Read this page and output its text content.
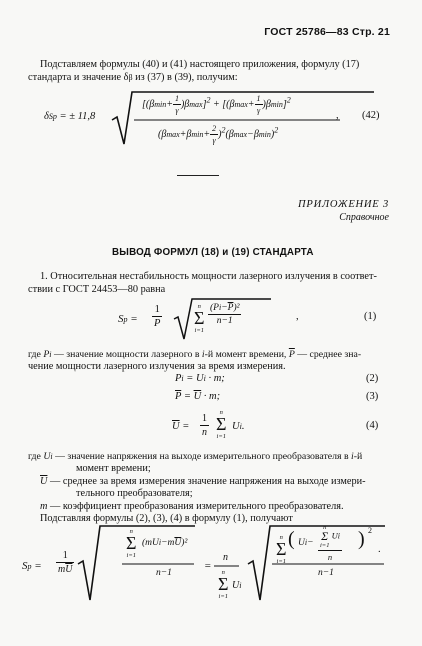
ГОСТ 25786—83 Стр. 21
Подставляем формулы (40) и (41) настоящего приложения, формулу (17)
стандарта и значение δβ из (37) в (39), получим:
δSp = ± 11,8
$[(\beta\min+ \frac{1}{\gamma} )\beta\max]^2 + [(\beta\max+ \frac{1}{\gamma} )\beta\min]^2$
$(\beta\max+\beta\min+ \frac{2}{\gamma} )^2(\beta\max-\beta\min)^2$
, (42)
ПРИЛОЖЕНИЕ 3
Справочное
ВЫВОД ФОРМУЛ (18) и (19) СТАНДАРТА
1. Относительная нестабильность мощности лазерного излучения в соответ-
ствии с ГОСТ 24453—80 равна
$Sp = \frac{1}{P}$	n
Σ
i=1
$\frac{(Pi-\overline{P})^2}{n-1}$	,	(1)
где Pi — значение мощности лазерного в i-й момент времени, $\overline{P}$ — среднее зна-
чение мощности лазерного излучения за время измерения.
Pi = Ui · m;	(2)
$\overline{P} = \overline{U} \cdot m$;	(3)
$\overline{U} = \frac{1}{n}$
n
Σ
i=1
Ui.	(4)
где Ui — значение напряжения на выходе измерительного преобразователя в i-й
момент времени;
$\overline{U}$ — среднее за время измерения значение напряжения на выходе измери-
тельного преобразователя;
m — коэффициент преобразования измерительного преобразователя.
Подставляя формулы (2), (3), (4) в формулу (1), получают
$Sp = \frac{1}{m\overline{U}}$
n
Σ
i=1
$(mUi-m\overline{U})^2$
n−1
=
n
n
Σ
i=1
Ui
n
Σ
i=1
( Ui−
n
Σ
i=1
Ui
n
) 2
n−1
.
